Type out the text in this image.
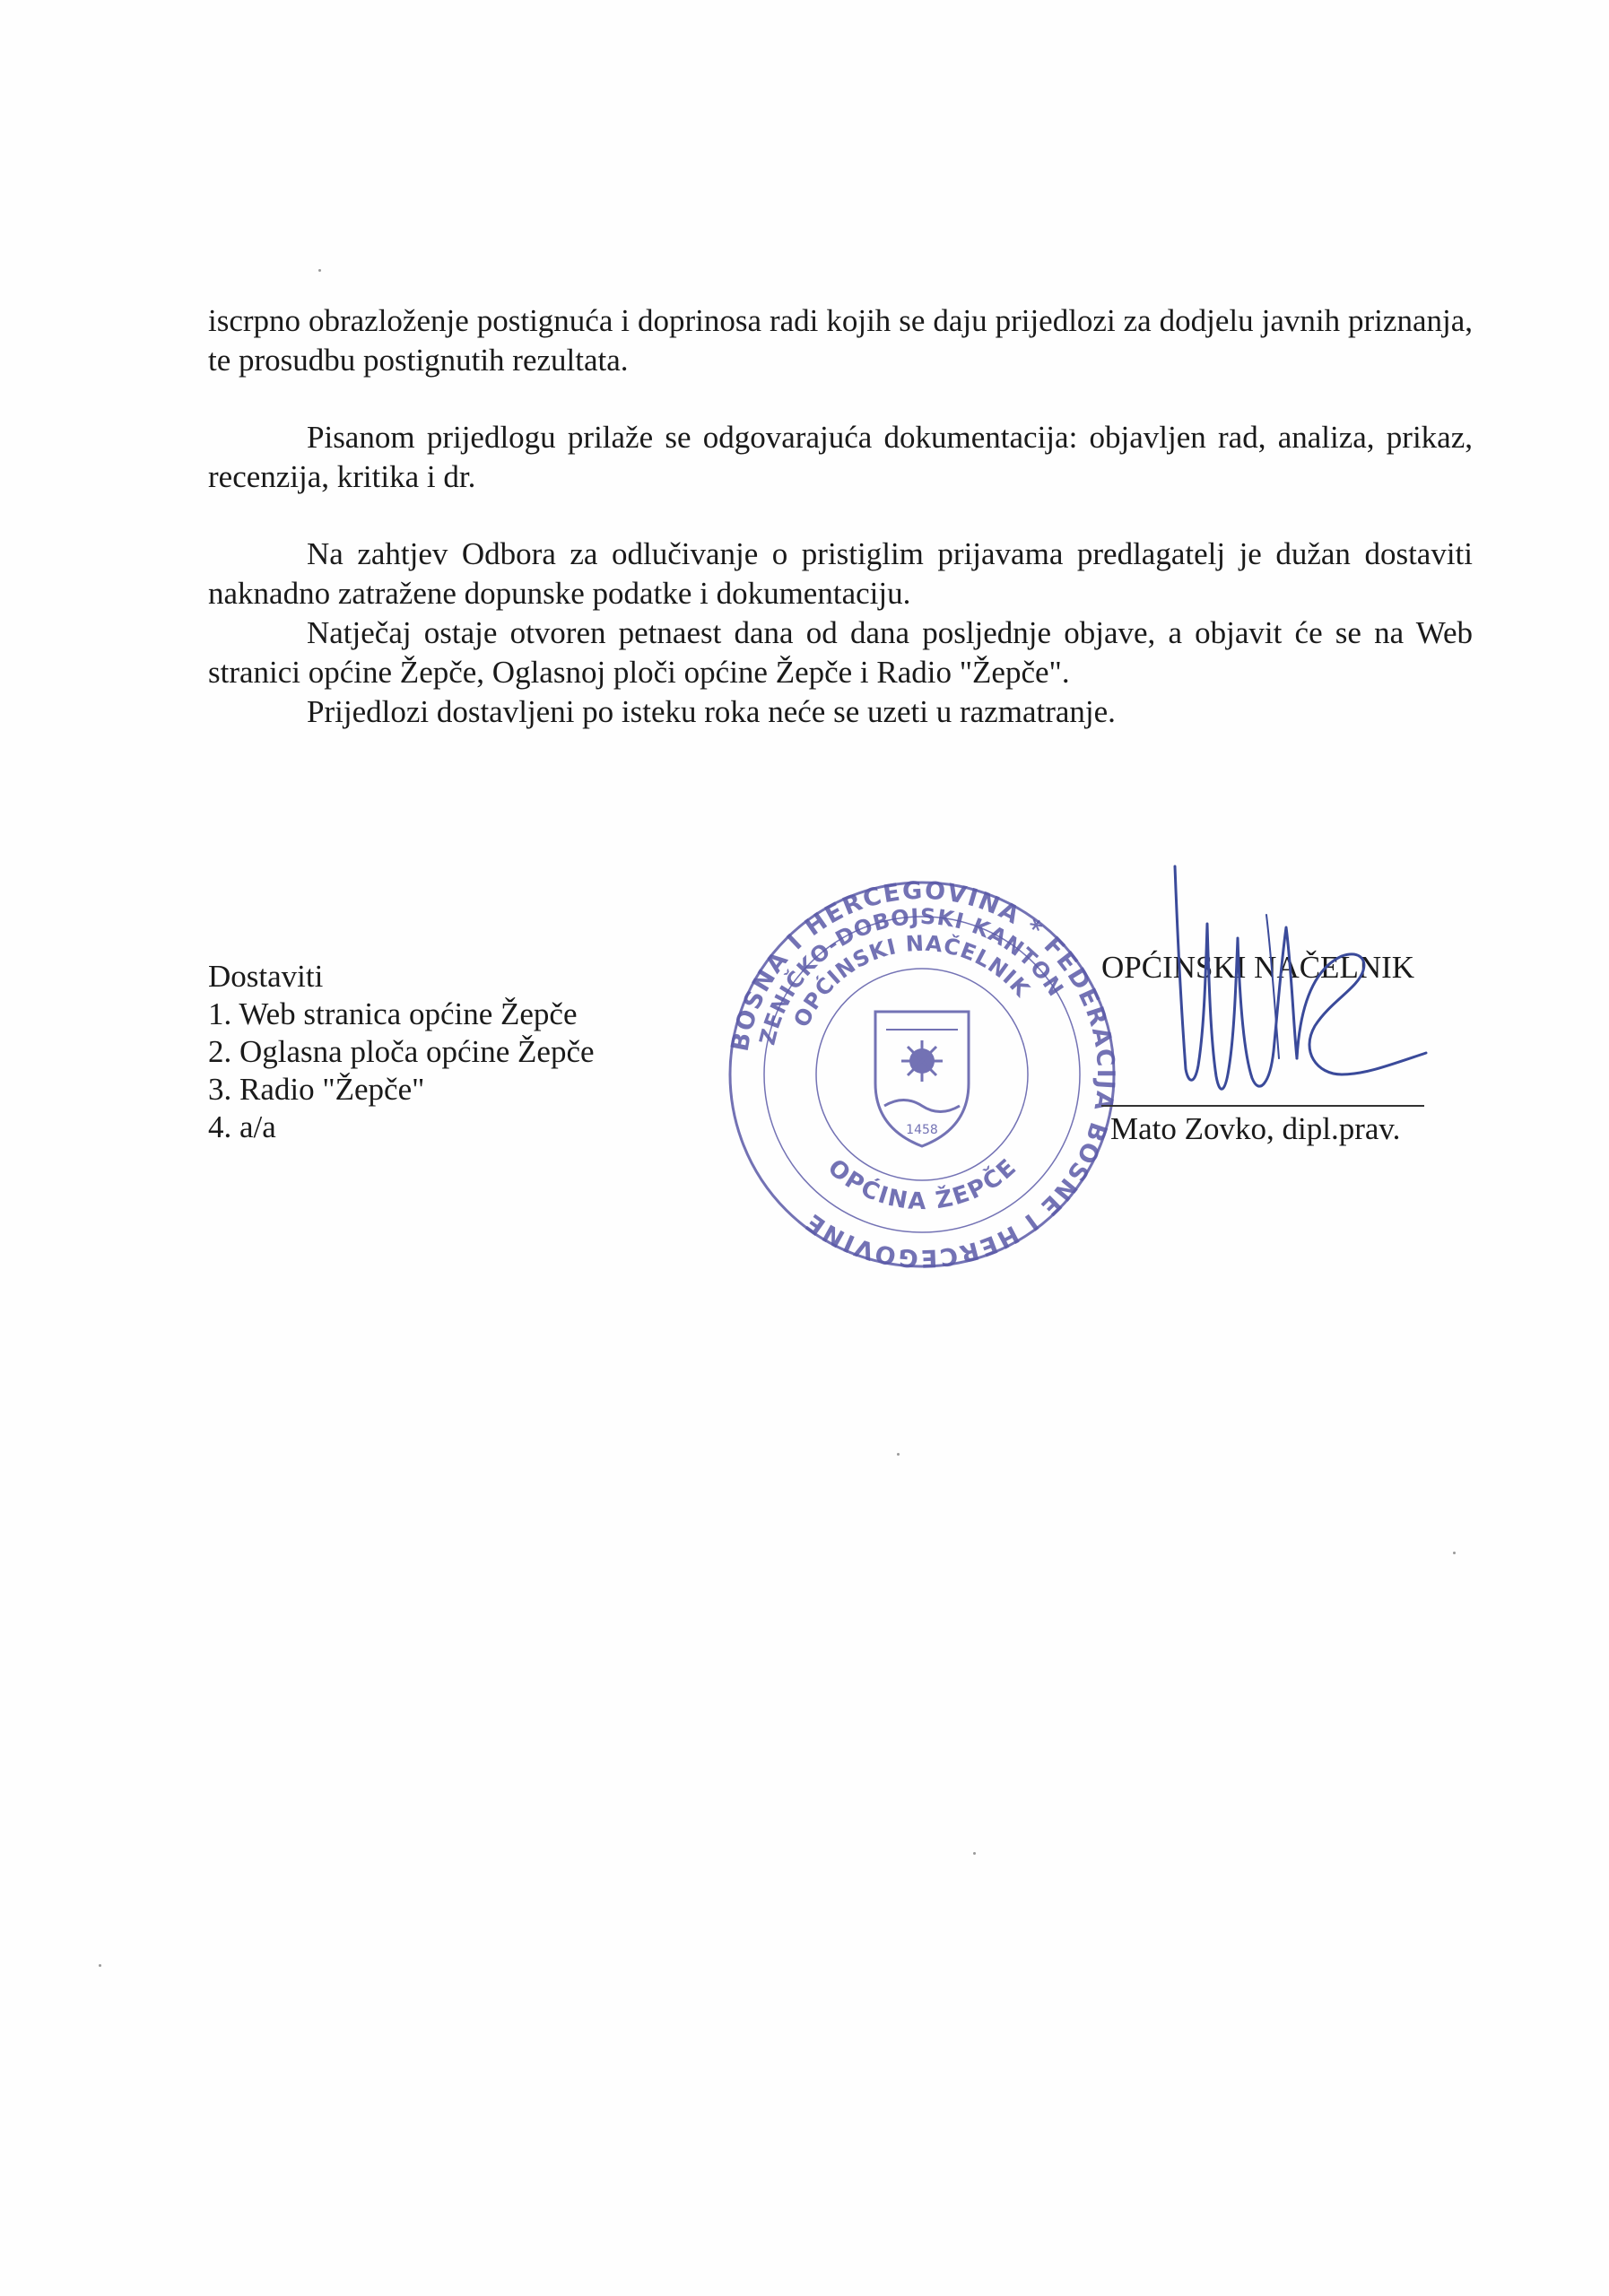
iscrpno obrazloženje postignuća i doprinosa radi kojih se daju prijedlozi za dodjelu javnih priznanja, te prosudbu postignutih rezultata.

Pisanom prijedlogu prilaže se odgovarajuća dokumentacija: objavljen rad, analiza, prikaz, recenzija, kritika i dr.

Na zahtjev Odbora za odlučivanje o pristiglim prijavama predlagatelj je dužan dostaviti naknadno zatražene dopunske podatke i dokumentaciju.

Natječaj ostaje otvoren petnaest dana od dana posljednje objave, a objavit će se na Web stranici općine Žepče, Oglasnoj ploči općine Žepče i Radio "Žepče".

Prijedlozi dostavljeni po isteku roka neće se uzeti u razmatranje.

Dostaviti
1. Web stranica općine Žepče
2. Oglasna ploča općine Žepče
3. Radio "Žepče"
4. a/a
BOSNA I HERCEGOVINA * FEDERACIJA BOSNE I HERCEGOVINE
ZENIČKO-DOBOJSKI KANTON
OPĆINSKI NAČELNIK
OPĆINA ŽEPČE
1458
OPĆINSKI NAČELNIK
Mato Zovko, dipl.prav.
